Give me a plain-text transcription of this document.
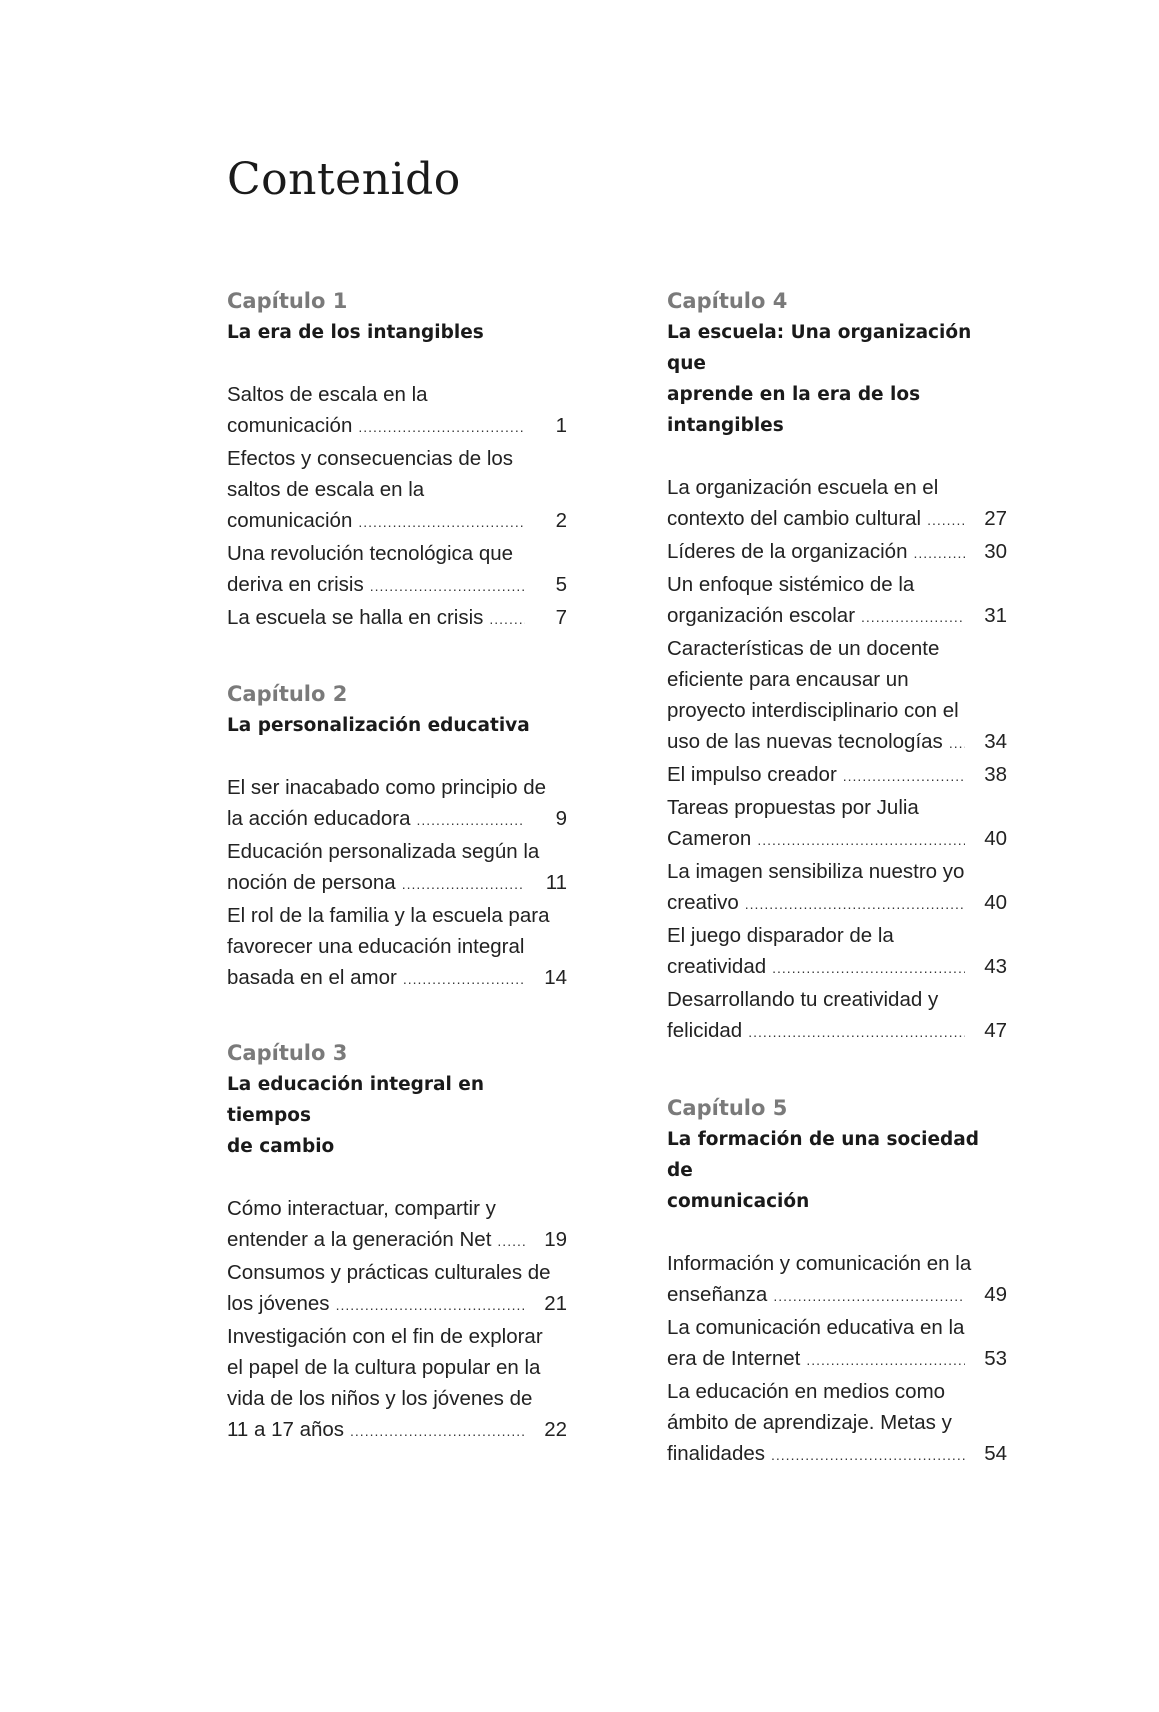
Contenido
Capítulo 1
La era de los intangibles
Saltos de escala en la
comunicación .....	1
Efectos y consecuencias de los
saltos de escala en la
comunicación .....	2
Una revolución tecnológica que
deriva en crisis .....	5
La escuela se halla en crisis .....	7
Capítulo 2
La personalización educativa
El ser inacabado como principio de
la acción educadora .....	9
Educación personalizada según la
noción de persona .....	11
El rol de la familia y la escuela para
favorecer una educación integral
basada en el amor .....	14
Capítulo 3
La educación integral en tiempos
de cambio
Cómo interactuar, compartir y
entender a la generación Net .....	19
Consumos y prácticas culturales de
los jóvenes .....	21
Investigación con el fin de explorar
el papel de la cultura popular en la
vida de los niños y los jóvenes de
11 a 17 años .....	22
Capítulo 4
La escuela: Una organización que
aprende en la era de los
intangibles
La organización escuela en el
contexto del cambio cultural .....	27
Líderes de la organización .....	30
Un enfoque sistémico de la
organización escolar .....	31
Características de un docente
eficiente para encausar un
proyecto interdisciplinario con el
uso de las nuevas tecnologías .....	34
El impulso creador .....	38
Tareas propuestas por Julia
Cameron .....	40
La imagen sensibiliza nuestro yo
creativo .....	40
El juego disparador de la
creatividad .....	43
Desarrollando tu creatividad y
felicidad .....	47
Capítulo 5
La formación de una sociedad de
comunicación
Información y comunicación en la
enseñanza .....	49
La comunicación educativa en la
era de Internet .....	53
La educación en medios como
ámbito de aprendizaje. Metas y
finalidades .....	54
